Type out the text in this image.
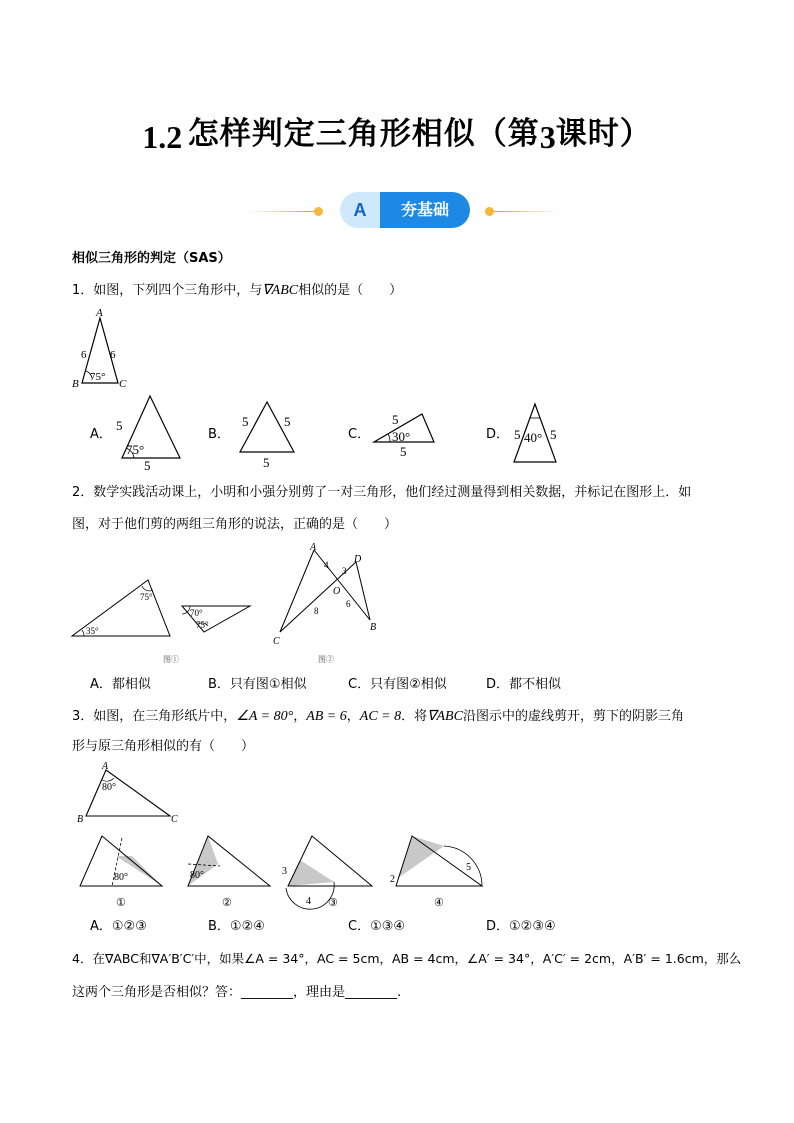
1.2 怎样判定三角形相似（第3课时）
A	夯基础
相似三角形的判定（SAS）
1．如图，下列四个三角形中，与∇ABC相似的是（　　）
A
B	C
6 6
75°
A．
5
5
75°
B．
5	5
5
C．
5
5
30°	D． 5 5
40°
2．数学实践活动课上，小明和小强分别剪了一对三角形，他们经过测量得到相关数据，并标记在图形上．如
图，对于他们剪的两组三角形的说法，正确的是（　　）
75°
35°
70°
75°
图①
A
D
O
C
B
4
3
8
6
图②
A．都相似	B．只有图①相似	C．只有图②相似	D．都不相似
3．如图，在三角形纸片中，∠A = 80°，AB = 6，AC = 8．将∇ABC沿图示中的虚线剪开，剪下的阴影三角
形与原三角形相似的有（　　）
A
B	C
80°
80°
①
80°
②
3
4 ③
2
5
④
A．①②③	B．①②④	C．①③④	D．①②③④
4．在∇ABC和∇A′B′C′中，如果∠A = 34°，AC = 5cm，AB = 4cm，∠A′ = 34°，A′C′ = 2cm，A′B′ = 1.6cm，那么
这两个三角形是否相似？答：________，理由是________.
